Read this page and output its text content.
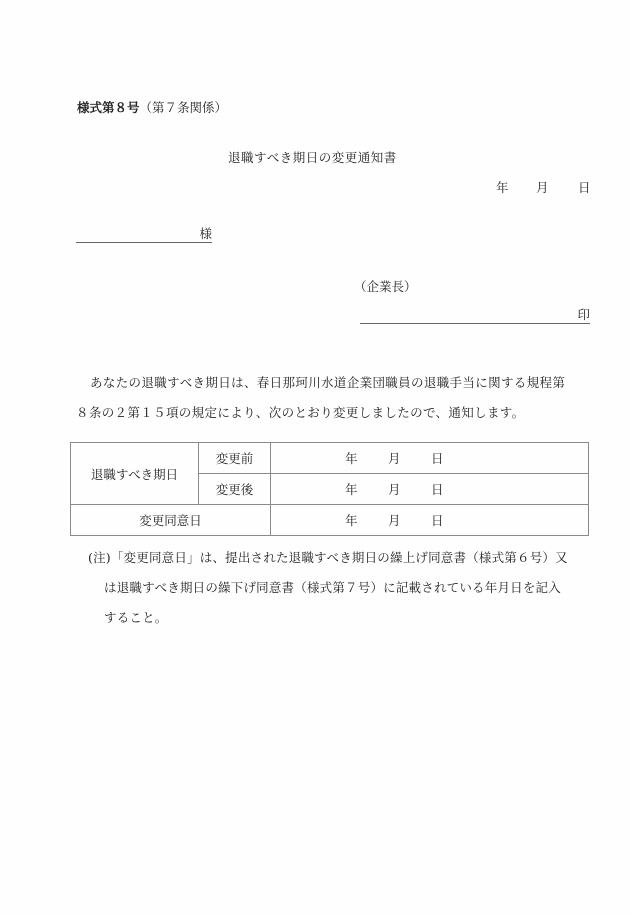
様式第８号（第７条関係）
退職すべき期日の変更通知書
年 月 日
様
（企業長）
印
あなたの退職すべき期日は、春日那珂川水道企業団職員の退職手当に関する規程第
８条の２第１５項の規定により、次のとおり変更しましたので、通知します。
退職すべき期日	変更前	年 月 日
	変更後	年 月 日
変更同意日		年 月 日
(注)「変更同意日」は、提出された退職すべき期日の繰上げ同意書（様式第６号）又
は退職すべき期日の繰下げ同意書（様式第７号）に記載されている年月日を記入
すること。
